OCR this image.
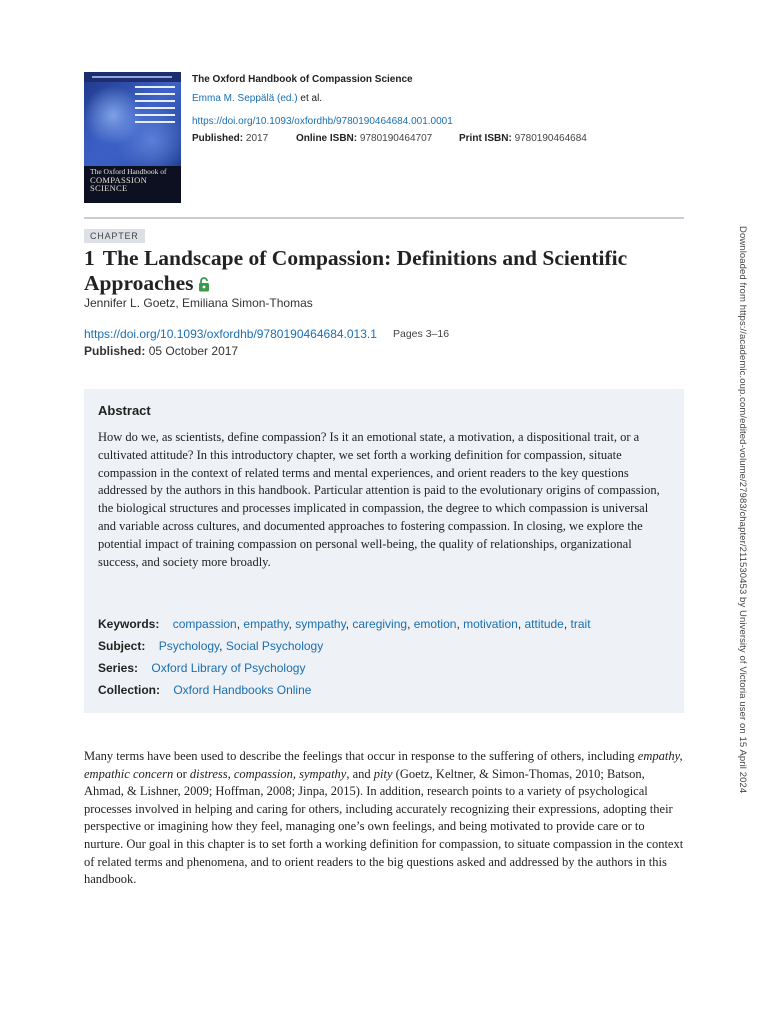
The Oxford Handbook of
COMPASSION
SCIENCE
The Oxford Handbook of Compassion Science
Emma M. Seppälä (ed.) et al.
https://doi.org/10.1093/oxfordhb/9780190464684.001.0001
Published: 2017	Online ISBN: 9780190464707	Print ISBN: 9780190464684
CHAPTER
1 The Landscape of Compassion: Definitions and Scientific Approaches
Jennifer L. Goetz, Emiliana Simon-Thomas
https://doi.org/10.1093/oxfordhb/9780190464684.013.1 Pages 3–16
Published: 05 October 2017
Abstract

How do we, as scientists, define compassion? Is it an emotional state, a motivation, a dispositional trait, or a cultivated attitude? In this introductory chapter, we set forth a working definition for compassion, situate compassion in the context of related terms and mental experiences, and orient readers to the key questions addressed by the authors in this handbook. Particular attention is paid to the evolutionary origins of compassion, the biological structures and processes implicated in compassion, the degree to which compassion is universal and variable across cultures, and documented approaches to fostering compassion. In closing, we explore the potential impact of training compassion on personal well-being, the quality of relationships, organizational success, and society more broadly.

Keywords: compassion, empathy, sympathy, caregiving, emotion, motivation, attitude, trait
Subject: Psychology, Social Psychology
Series: Oxford Library of Psychology
Collection: Oxford Handbooks Online

Many terms have been used to describe the feelings that occur in response to the suffering of others, including empathy, empathic concern or distress, compassion, sympathy, and pity (Goetz, Keltner, & Simon-Thomas, 2010; Batson, Ahmad, & Lishner, 2009; Hoffman, 2008; Jinpa, 2015). In addition, research points to a variety of psychological processes involved in helping and caring for others, including accurately recognizing their expressions, adopting their perspective or imagining how they feel, managing one’s own feelings, and being motivated to provide care or to nurture. Our goal in this chapter is to set forth a working definition for compassion, to situate compassion in the context of related terms and phenomena, and to orient readers to the big questions asked and addressed by the authors in this handbook.

Downloaded from https://academic.oup.com/edited-volume/27983/chapter/211530453 by University of Victoria user on 15 April 2024
